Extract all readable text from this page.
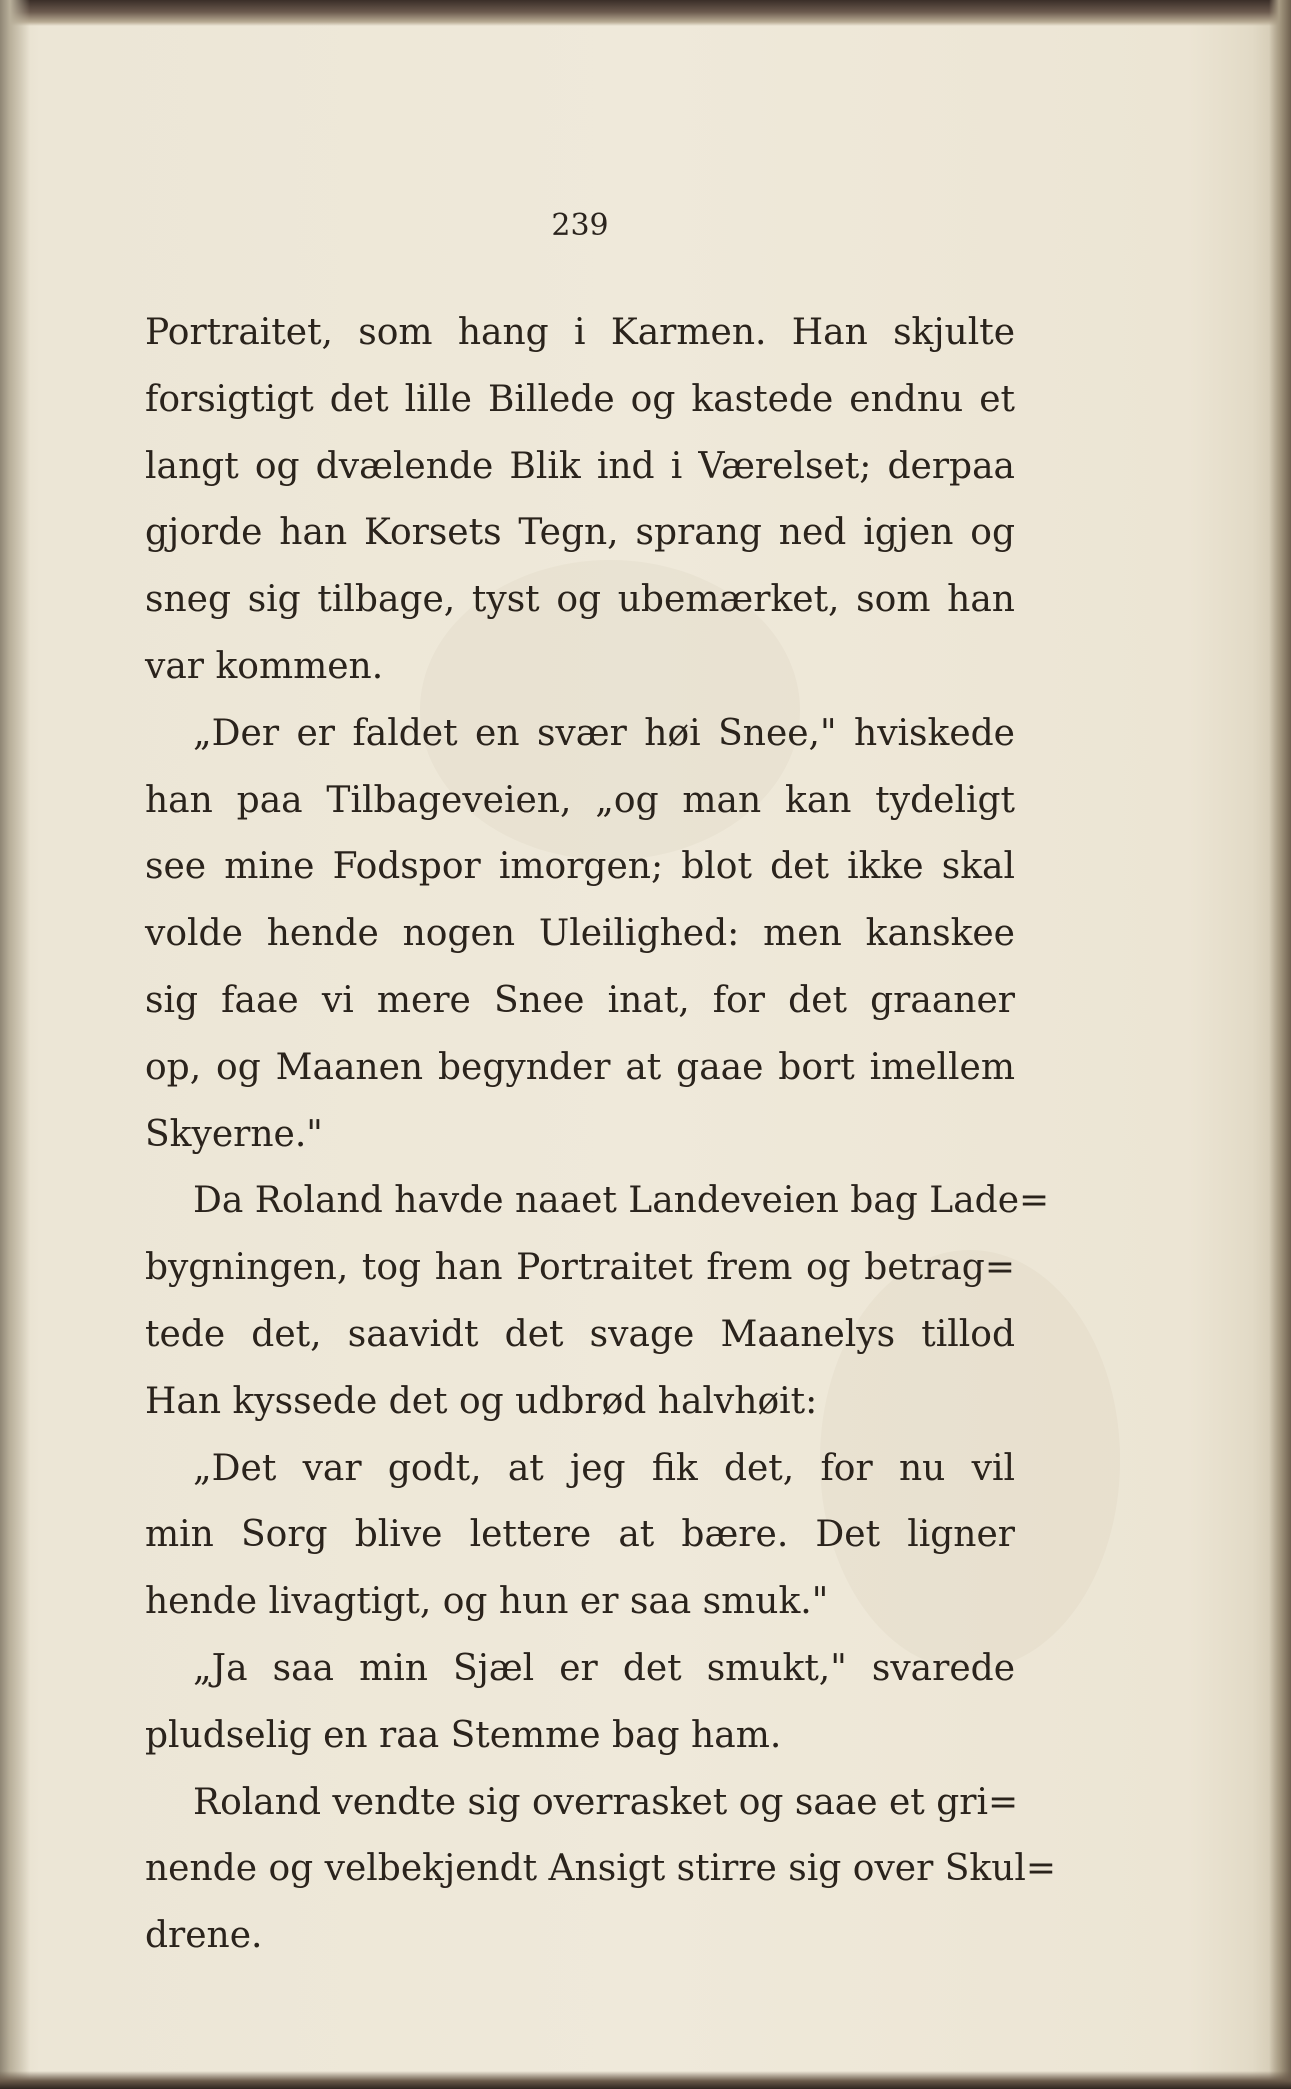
239

Portraitet, som hang i Karmen. Han skjulte
forsigtigt det lille Billede og kastede endnu et
langt og dvælende Blik ind i Værelset; derpaa
gjorde han Korsets Tegn, sprang ned igjen og
sneg sig tilbage, tyst og ubemærket, som han
var kommen.
„Der er faldet en svær høi Snee," hviskede
han paa Tilbageveien, „og man kan tydeligt
see mine Fodspor imorgen; blot det ikke skal
volde hende nogen Uleilighed: men kanskee
sig faae vi mere Snee inat, for det graaner
op, og Maanen begynder at gaae bort imellem
Skyerne."
Da Roland havde naaet Landeveien bag Lade=
bygningen, tog han Portraitet frem og betrag=
tede det, saavidt det svage Maanelys tillod
Han kyssede det og udbrød halvhøit:
„Det var godt, at jeg fik det, for nu vil
min Sorg blive lettere at bære. Det ligner
hende livagtigt, og hun er saa smuk."
„Ja saa min Sjæl er det smukt," svarede
pludselig en raa Stemme bag ham.
Roland vendte sig overrasket og saae et gri=
nende og velbekjendt Ansigt stirre sig over Skul=
drene.
